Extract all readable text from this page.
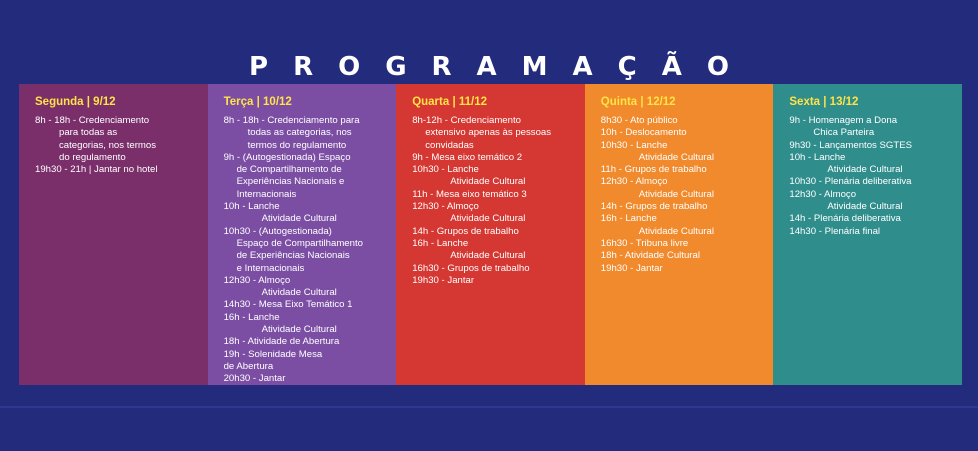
PROGRAMAÇÃO
Segunda | 9/12
8h - 18h - Credenciamento
para todas as
categorias, nos termos
do regulamento
19h30 - 21h | Jantar no hotel
Terça | 10/12
8h - 18h - Credenciamento para
todas as categorias, nos
termos do regulamento
9h - (Autogestionada) Espaço
de Compartilhamento de
Experiências Nacionais e
Internacionais
10h - Lanche
Atividade Cultural
10h30 - (Autogestionada)
Espaço de Compartilhamento
de Experiências Nacionais
e Internacionais
12h30 - Almoço
Atividade Cultural
14h30 - Mesa Eixo Temático 1
16h - Lanche
Atividade Cultural
18h - Atividade de Abertura
19h - Solenidade Mesa
de Abertura
20h30 - Jantar
Quarta | 11/12
8h-12h - Credenciamento
extensivo apenas às pessoas
convidadas
9h - Mesa eixo temático 2
10h30 - Lanche
Atividade Cultural
11h - Mesa eixo temático 3
12h30 - Almoço
Atividade Cultural
14h - Grupos de trabalho
16h - Lanche
Atividade Cultural
16h30 - Grupos de trabalho
19h30 - Jantar
Quinta | 12/12
8h30 - Ato público
10h - Deslocamento
10h30 - Lanche
Atividade Cultural
11h - Grupos de trabalho
12h30 - Almoço
Atividade Cultural
14h - Grupos de trabalho
16h - Lanche
Atividade Cultural
16h30 - Tribuna livre
18h - Atividade Cultural
19h30 - Jantar
Sexta | 13/12
9h - Homenagem a Dona
Chica Parteira
9h30 - Lançamentos SGTES
10h - Lanche
Atividade Cultural
10h30 - Plenária deliberativa
12h30 - Almoço
Atividade Cultural
14h - Plenária deliberativa
14h30 - Plenária final
